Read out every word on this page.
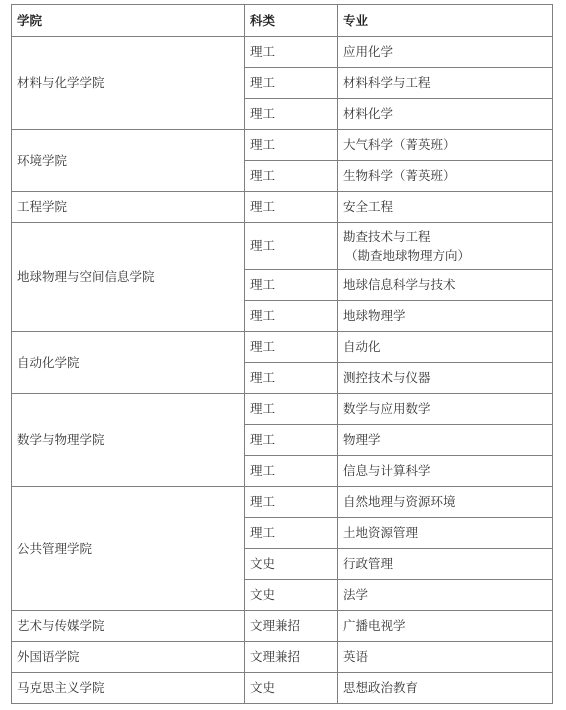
学院	科类	专业
材料与化学学院	理工	应用化学
	理工	材料科学与工程
	理工	材料化学
环境学院	理工	大气科学（菁英班）
	理工	生物科学（菁英班）
工程学院	理工	安全工程
地球物理与空间信息学院	理工	勘查技术与工程
（勘查地球物理方向）

	理工	地球信息科学与技术
	理工	地球物理学
自动化学院	理工	自动化
	理工	测控技术与仪器
数学与物理学院	理工	数学与应用数学
	理工	物理学
	理工	信息与计算科学
公共管理学院	理工	自然地理与资源环境
	理工	土地资源管理
	文史	行政管理
	文史	法学
艺术与传媒学院	文理兼招	广播电视学
外国语学院	文理兼招	英语
马克思主义学院	文史	思想政治教育
